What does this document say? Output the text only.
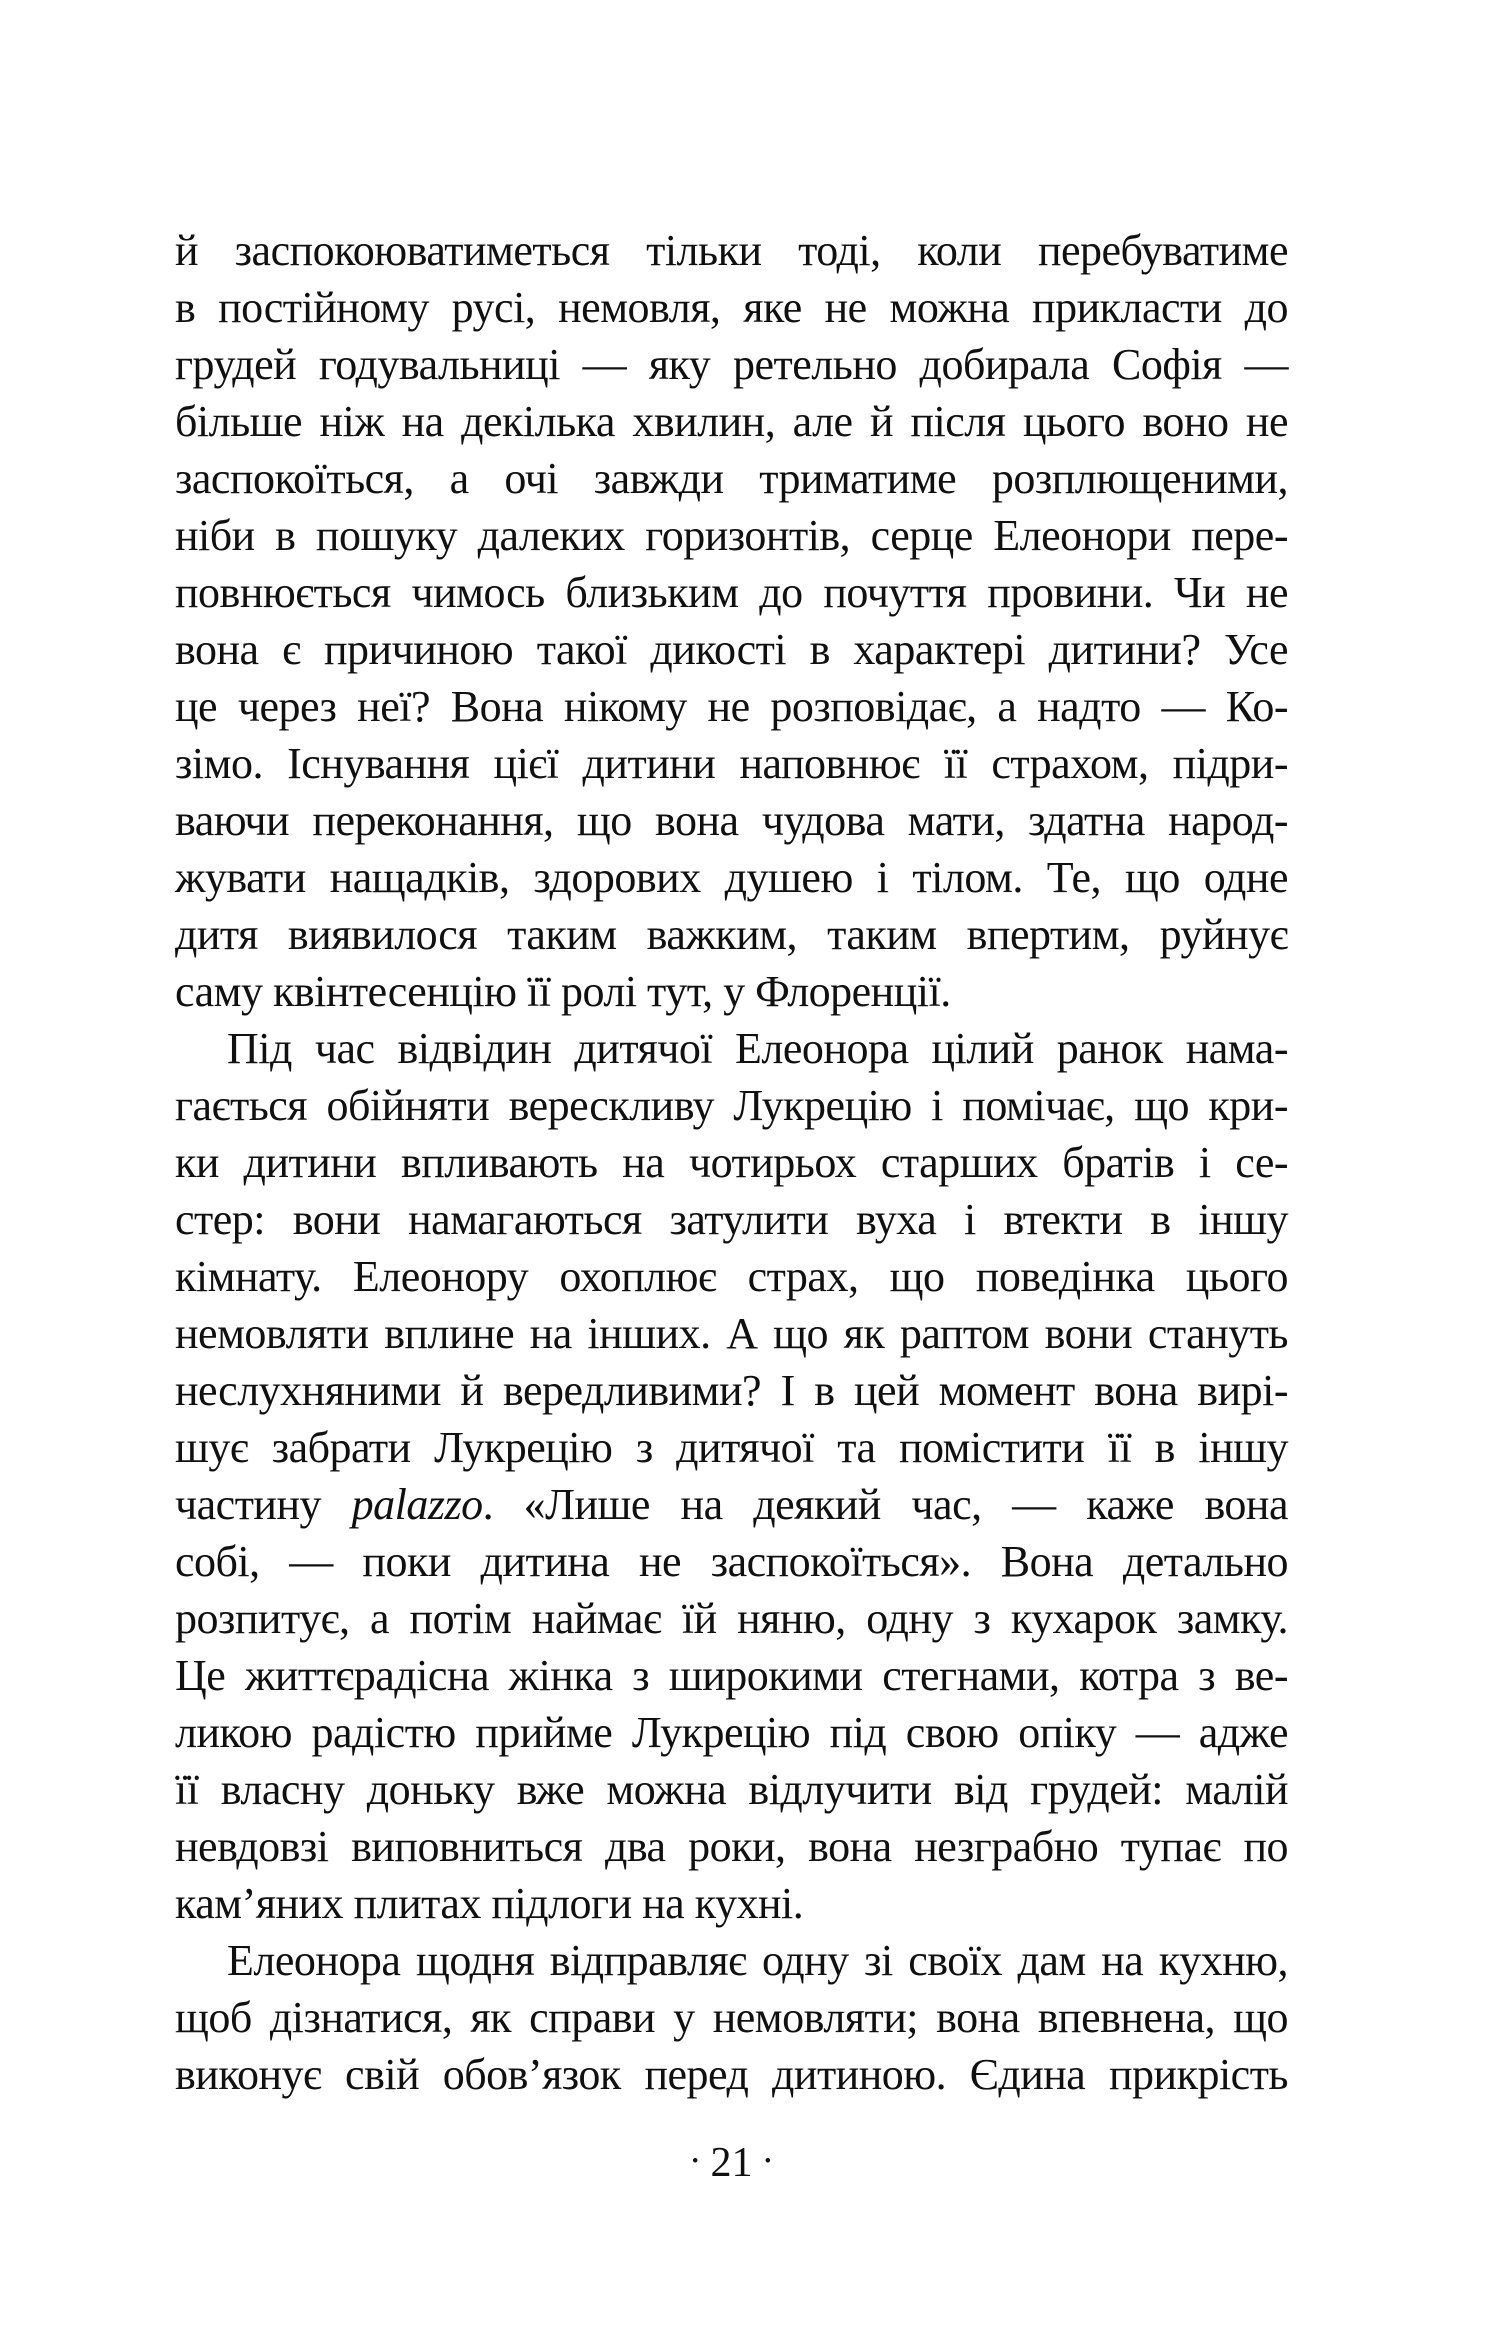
й заспокоюватиметься тільки тоді, коли перебуватиме
в постійному русі, немовля, яке не можна прикласти до
грудей годувальниці — яку ретельно добирала Софія —
більше ніж на декілька хвилин, але й після цього воно не
заспокоїться, а очі завжди триматиме розплющеними,
ніби в пошуку далеких горизонтів, серце Елеонори пере-
повнюється чимось близьким до почуття провини. Чи не
вона є причиною такої дикості в характері дитини? Усе
це через неї? Вона нікому не розповідає, а надто — Ко-
зімо. Існування цієї дитини наповнює її страхом, підри-
ваючи переконання, що вона чудова мати, здатна народ-
жувати нащадків, здорових душею і тілом. Те, що одне
дитя виявилося таким важким, таким впертим, руйнує
саму квінтесенцію її ролі тут, у Флоренції.
Під час відвідин дитячої Елеонора цілий ранок нама-
гається обійняти верескливу Лукрецію і помічає, що кри-
ки дитини впливають на чотирьох старших братів і се-
стер: вони намагаються затулити вуха і втекти в іншу
кімнату. Елеонору охоплює страх, що поведінка цього
немовляти вплине на інших. А що як раптом вони стануть
неслухняними й вередливими? І в цей момент вона вирі-
шує забрати Лукрецію з дитячої та помістити її в іншу
частину palazzo. «Лише на деякий час, — каже вона
собі, — поки дитина не заспокоїться». Вона детально
розпитує, а потім наймає їй няню, одну з кухарок замку.
Це життєрадісна жінка з широкими стегнами, котра з ве-
ликою радістю прийме Лукрецію під свою опіку — адже
її власну доньку вже можна відлучити від грудей: малій
невдовзі виповниться два роки, вона незграбно тупає по
кам’яних плитах підлоги на кухні.
Елеонора щодня відправляє одну зі своїх дам на кухню,
щоб дізнатися, як справи у немовляти; вона впевнена, що
виконує свій обов’язок перед дитиною. Єдина прикрість
• 21 •
